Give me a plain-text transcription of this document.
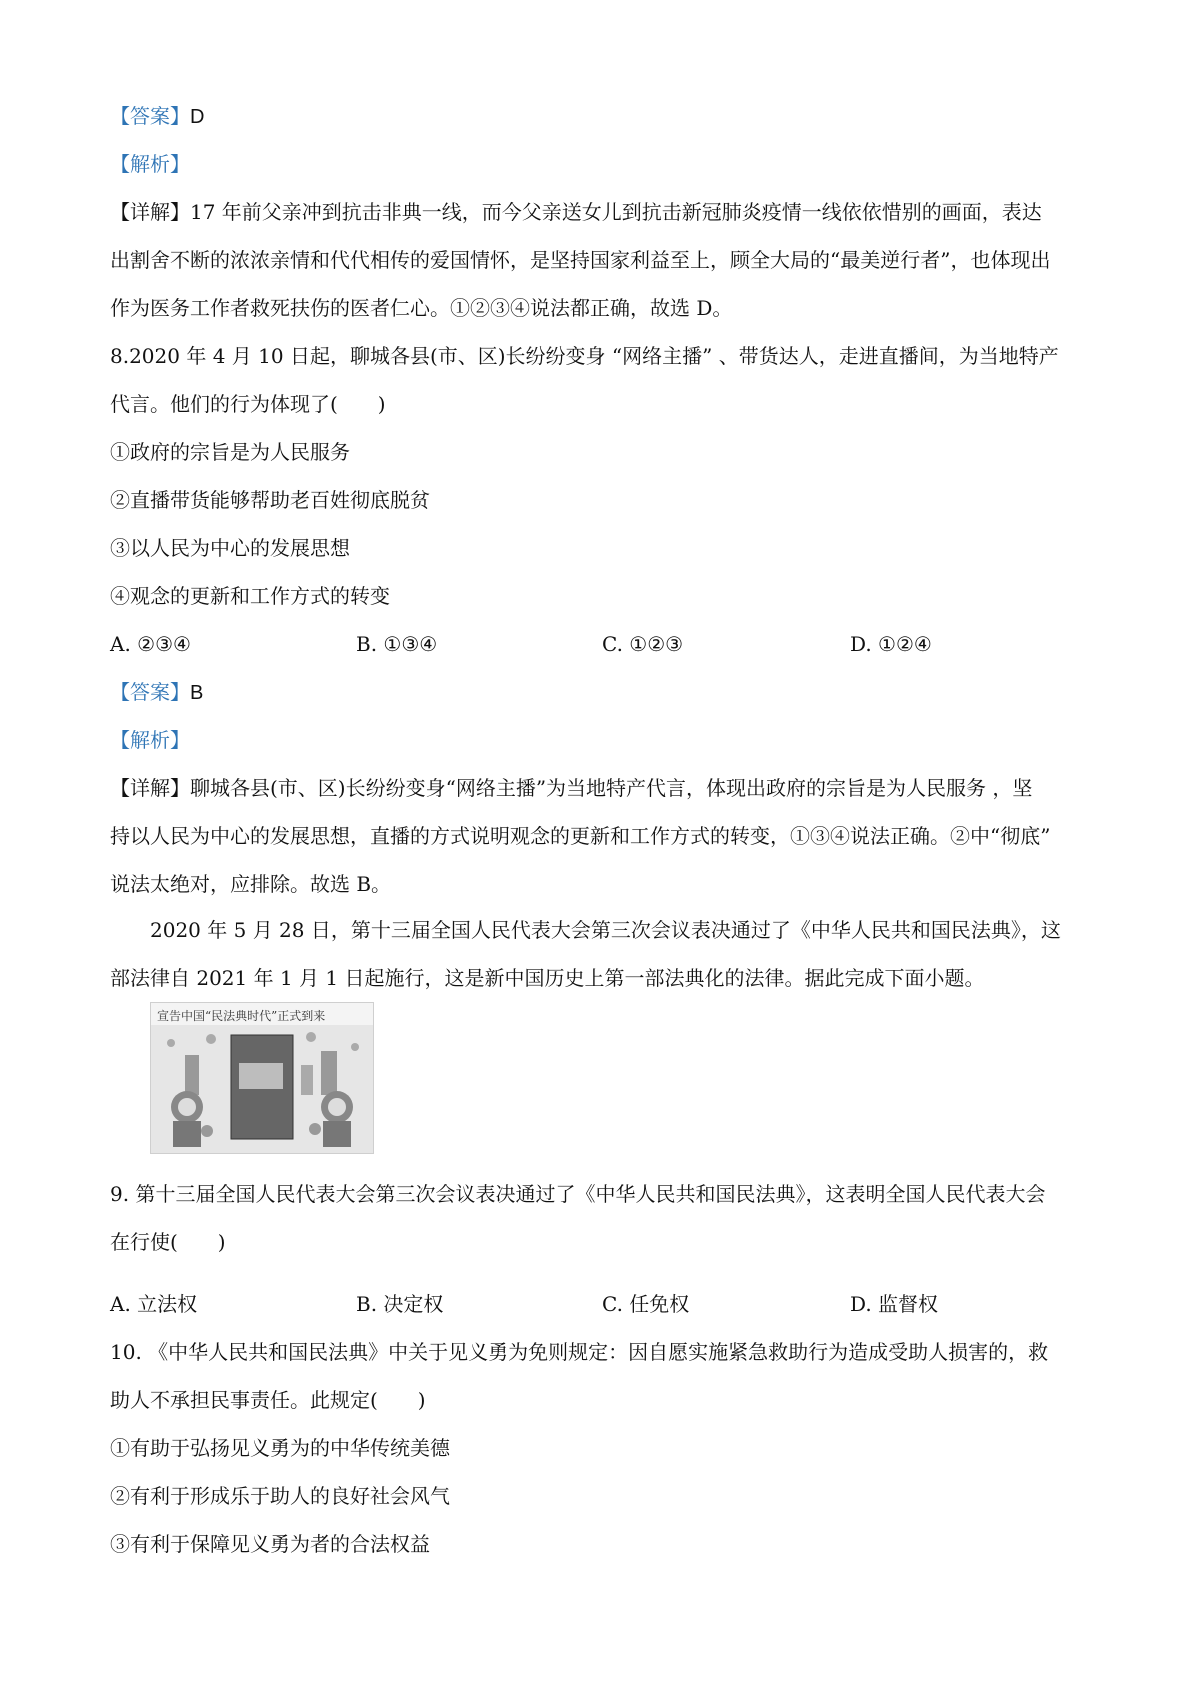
【答案】D
【解析】
【详解】17 年前父亲冲到抗击非典一线，而今父亲送女儿到抗击新冠肺炎疫情一线依依惜别的画面，表达
出割舍不断的浓浓亲情和代代相传的爱国情怀，是坚持国家利益至上，顾全大局的“最美逆行者”，也体现出
作为医务工作者救死扶伤的医者仁心。①②③④说法都正确，故选 D。
8.2020 年 4 月 10 日起，聊城各县(市、区)长纷纷变身 “网络主播” 、带货达人，走进直播间，为当地特产
代言。他们的行为体现了(　　)
①政府的宗旨是为人民服务
②直播带货能够帮助老百姓彻底脱贫
③以人民为中心的发展思想
④观念的更新和工作方式的转变
A. ②③④	B. ①③④	C. ①②③	D. ①②④
【答案】B
【解析】
【详解】聊城各县(市、区)长纷纷变身“网络主播”为当地特产代言，体现出政府的宗旨是为人民服务 ，坚
持以人民为中心的发展思想，直播的方式说明观念的更新和工作方式的转变，①③④说法正确。②中“彻底”
说法太绝对，应排除。故选 B。
2020 年 5 月 28 日，第十三届全国人民代表大会第三次会议表决通过了《中华人民共和国民法典》，这
部法律自 2021 年 1 月 1 日起施行，这是新中国历史上第一部法典化的法律。据此完成下面小题。
宣告中国“民法典时代”正式到来
9. 第十三届全国人民代表大会第三次会议表决通过了《中华人民共和国民法典》，这表明全国人民代表大会
在行使(　　)
A. 立法权	B. 决定权	C. 任免权	D. 监督权
10. 《中华人民共和国民法典》中关于见义勇为免则规定：因自愿实施紧急救助行为造成受助人损害的，救
助人不承担民事责任。此规定(　　)
①有助于弘扬见义勇为的中华传统美德
②有利于形成乐于助人的良好社会风气
③有利于保障见义勇为者的合法权益
